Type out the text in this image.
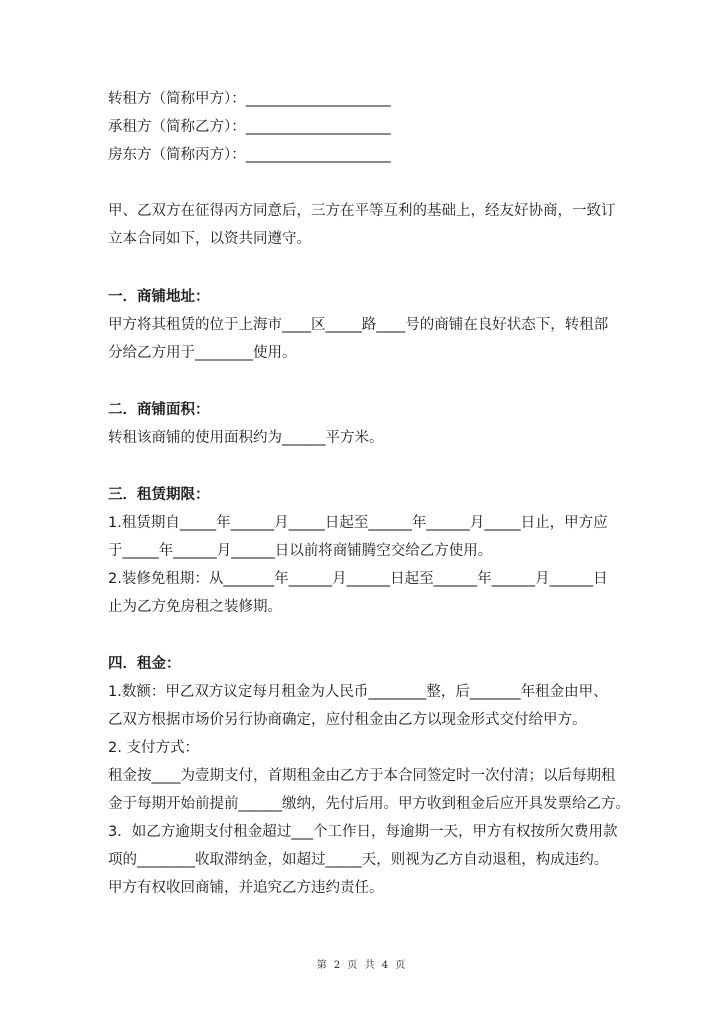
转租方（简称甲方）：____________________
承租方（简称乙方）：____________________
房东方（简称丙方）：____________________
甲、乙双方在征得丙方同意后，三方在平等互利的基础上，经友好协商，一致订
立本合同如下，以资共同遵守。
一．商铺地址：
甲方将其租赁的位于上海市____区_____路____号的商铺在良好状态下，转租部
分给乙方用于________使用。
二．商铺面积：
转租该商铺的使用面积约为______平方米。
三．租赁期限：
1.租赁期自_____年______月_____日起至______年______月_____日止，甲方应
于_____年______月______日以前将商铺腾空交给乙方使用。
2.装修免租期：从_______年______月______日起至______年______月______日
止为乙方免房租之装修期。
四．租金：
1.数额：甲乙双方议定每月租金为人民币________整，后_______年租金由甲、
乙双方根据市场价另行协商确定，应付租金由乙方以现金形式交付给甲方。
2. 支付方式：
租金按____为壹期支付，首期租金由乙方于本合同签定时一次付清；以后每期租
金于每期开始前提前______缴纳，先付后用。甲方收到租金后应开具发票给乙方。
3．如乙方逾期支付租金超过___个工作日，每逾期一天，甲方有权按所欠费用款
项的________收取滞纳金，如超过_____天，则视为乙方自动退租，构成违约。
甲方有权收回商铺，并追究乙方违约责任。
第 2 页 共 4 页
